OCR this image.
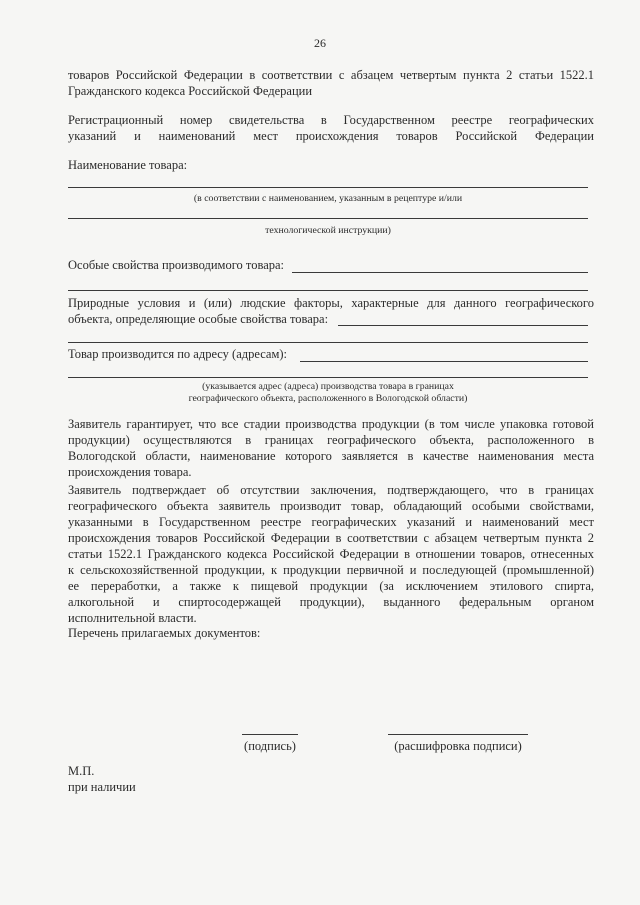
26
товаров Российской Федерации в соответствии с абзацем четвертым пункта 2 статьи 1522.1
Гражданского кодекса Российской Федерации
Регистрационный номер свидетельства в Государственном реестре географических
указаний и наименований мест происхождения товаров Российской Федерации
Наименование товара:
(в соответствии с наименованием, указанным в рецептуре и/или
технологической инструкции)
Особые свойства производимого товара:
Природные условия и (или) людские факторы, характерные для данного географического
объекта, определяющие особые свойства товара:
Товар производится по адресу (адресам):
(указывается адрес (адреса) производства товара в границах
географического объекта, расположенного в Вологодской области)
Заявитель гарантирует, что все стадии производства продукции (в том числе упаковка готовой
продукции) осуществляются в границах географического объекта, расположенного в
Вологодской области, наименование которого заявляется в качестве наименования места
происхождения товара.
Заявитель подтверждает об отсутствии заключения, подтверждающего, что в границах
географического объекта заявитель производит товар, обладающий особыми свойствами,
указанными в Государственном реестре географических указаний и наименований мест
происхождения товаров Российской Федерации в соответствии с абзацем четвертым пункта 2
статьи 1522.1 Гражданского кодекса Российской Федерации в отношении товаров, отнесенных
к сельскохозяйственной продукции, к продукции первичной и последующей (промышленной)
ее переработки, а также к пищевой продукции (за исключением этилового спирта,
алкогольной и спиртосодержащей продукции), выданного федеральным органом
исполнительной власти.
Перечень прилагаемых документов:
(подпись)	(расшифровка подписи)
М.П.
при наличии
